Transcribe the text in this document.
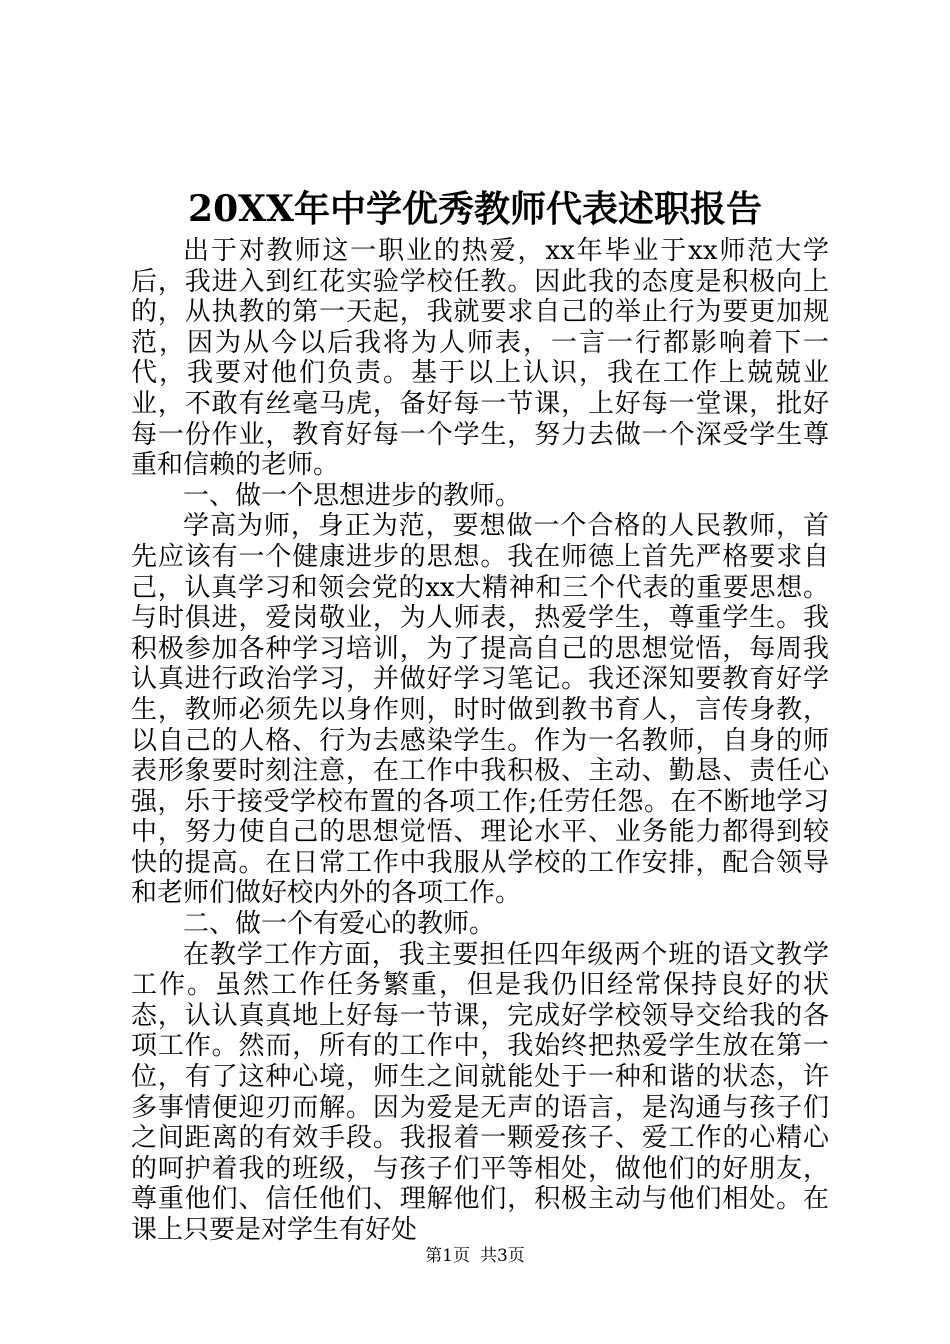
20XX年中学优秀教师代表述职报告

出于对教师这一职业的热爱，xx年毕业于xx师范大学后，我进入到红花实验学校任教。因此我的态度是积极向上的，从执教的第一天起，我就要求自己的举止行为要更加规范，因为从今以后我将为人师表，一言一行都影响着下一代，我要对他们负责。基于以上认识，我在工作上兢兢业业，不敢有丝毫马虎，备好每一节课，上好每一堂课，批好每一份作业，教育好每一个学生，努力去做一个深受学生尊重和信赖的老师。

一、做一个思想进步的教师。

学高为师，身正为范，要想做一个合格的人民教师，首先应该有一个健康进步的思想。我在师德上首先严格要求自己，认真学习和领会党的xx大精神和三个代表的重要思想。与时俱进，爱岗敬业，为人师表，热爱学生，尊重学生。我积极参加各种学习培训，为了提高自己的思想觉悟，每周我认真进行政治学习，并做好学习笔记。我还深知要教育好学生，教师必须先以身作则，时时做到教书育人，言传身教，以自己的人格、行为去感染学生。作为一名教师，自身的师表形象要时刻注意，在工作中我积极、主动、勤恳、责任心强，乐于接受学校布置的各项工作;任劳任怨。在不断地学习中，努力使自己的思想觉悟、理论水平、业务能力都得到较快的提高。在日常工作中我服从学校的工作安排，配合领导和老师们做好校内外的各项工作。

二、做一个有爱心的教师。

在教学工作方面，我主要担任四年级两个班的语文教学工作。虽然工作任务繁重，但是我仍旧经常保持良好的状态，认认真真地上好每一节课，完成好学校领导交给我的各项工作。然而，所有的工作中，我始终把热爱学生放在第一位，有了这种心境，师生之间就能处于一种和谐的状态，许多事情便迎刃而解。因为爱是无声的语言，是沟通与孩子们之间距离的有效手段。我报着一颗爱孩子、爱工作的心精心的呵护着我的班级，与孩子们平等相处，做他们的好朋友，尊重他们、信任他们、理解他们，积极主动与他们相处。在课上只要是对学生有好处

第1页 共3页
